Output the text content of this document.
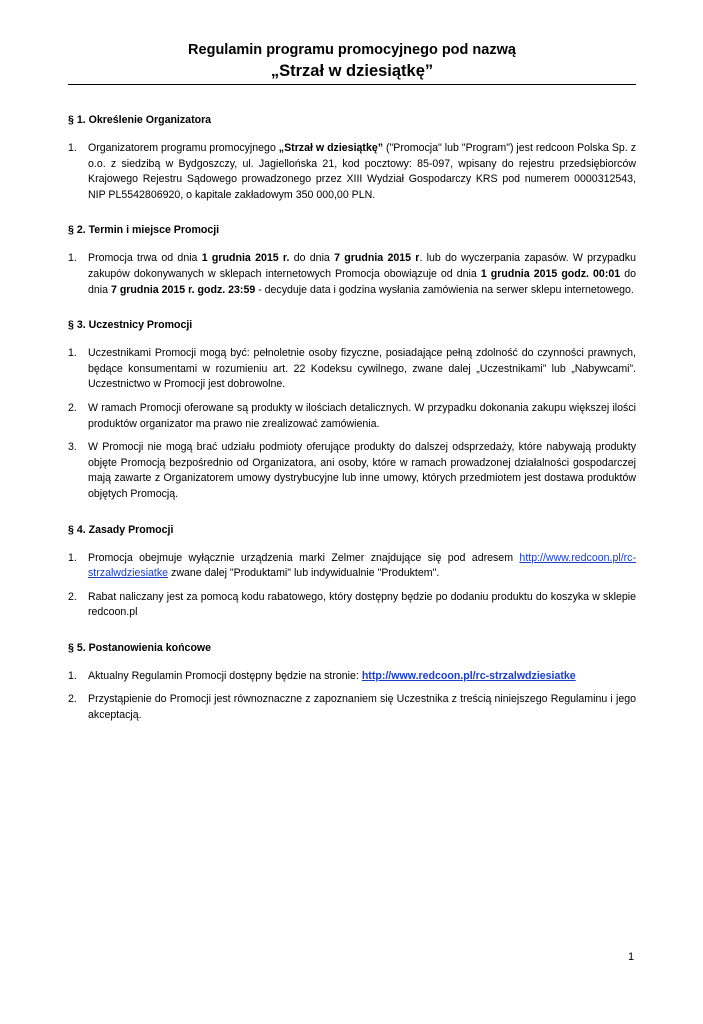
Regulamin programu promocyjnego pod nazwą
„Strzał w dziesiątkę”
§ 1. Określenie Organizatora
1. Organizatorem programu promocyjnego „Strzał w dziesiątkę” ("Promocja" lub "Program") jest redcoon Polska Sp. z o.o. z siedzibą w Bydgoszczy, ul. Jagiellońska 21, kod pocztowy: 85-097, wpisany do rejestru przedsiębiorców Krajowego Rejestru Sądowego prowadzonego przez XIII Wydział Gospodarczy KRS pod numerem 0000312543, NIP PL5542806920, o kapitale zakładowym 350 000,00 PLN.
§ 2. Termin i miejsce Promocji
1. Promocja trwa od dnia 1 grudnia 2015 r. do dnia 7 grudnia 2015 r. lub do wyczerpania zapasów. W przypadku zakupów dokonywanych w sklepach internetowych Promocja obowiązuje od dnia 1 grudnia 2015 godz. 00:01 do dnia 7 grudnia 2015 r. godz. 23:59 - decyduje data i godzina wysłania zamówienia na serwer sklepu internetowego.
§ 3. Uczestnicy Promocji
1. Uczestnikami Promocji mogą być: pełnoletnie osoby fizyczne, posiadające pełną zdolność do czynności prawnych, będące konsumentami w rozumieniu art. 22 Kodeksu cywilnego, zwane dalej „Uczestnikami” lub „Nabywcami”. Uczestnictwo w Promocji jest dobrowolne.
2. W ramach Promocji oferowane są produkty w ilościach detalicznych. W przypadku dokonania zakupu większej ilości produktów organizator ma prawo nie zrealizować zamówienia.
3. W Promocji nie mogą brać udziału podmioty oferujące produkty do dalszej odsprzedaży, które nabywają produkty objęte Promocją bezpośrednio od Organizatora, ani osoby, które w ramach prowadzonej działalności gospodarczej mają zawarte z Organizatorem umowy dystrybucyjne lub inne umowy, których przedmiotem jest dostawa produktów objętych Promocją.
§ 4. Zasady Promocji
1. Promocja obejmuje wyłącznie urządzenia marki Zelmer znajdujące się pod adresem http://www.redcoon.pl/rc-strzalwdziesiatke zwane dalej "Produktami" lub indywidualnie "Produktem".
2. Rabat naliczany jest za pomocą kodu rabatowego, który dostępny będzie po dodaniu produktu do koszyka w sklepie redcoon.pl
§ 5. Postanowienia końcowe
1. Aktualny Regulamin Promocji dostępny będzie na stronie: http://www.redcoon.pl/rc-strzalwdziesiatke
2. Przystąpienie do Promocji jest równoznaczne z zapoznaniem się Uczestnika z treścią niniejszego Regulaminu i jego akceptacją.
1
